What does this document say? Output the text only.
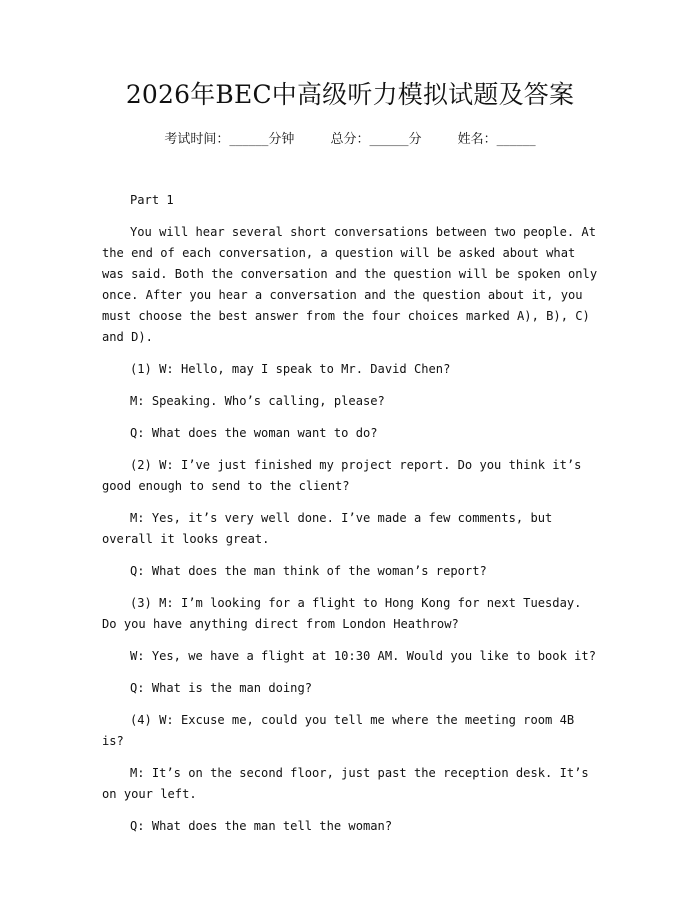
2026年BEC中高级听力模拟试题及答案
考试时间：______分钟	总分：______分	姓名：______

Part 1

You will hear several short conversations between two people. At the end of each conversation, a question will be asked about what was said. Both the conversation and the question will be spoken only once. After you hear a conversation and the question about it, you must choose the best answer from the four choices marked A), B), C) and D).

(1) W: Hello, may I speak to Mr. David Chen?

M: Speaking. Who’s calling, please?

Q: What does the woman want to do?

(2) W: I’ve just finished my project report. Do you think it’s good enough to send to the client?

M: Yes, it’s very well done. I’ve made a few comments, but overall it looks great.

Q: What does the man think of the woman’s report?

(3) M: I’m looking for a flight to Hong Kong for next Tuesday. Do you have anything direct from London Heathrow?

W: Yes, we have a flight at 10:30 AM. Would you like to book it?

Q: What is the man doing?

(4) W: Excuse me, could you tell me where the meeting room 4B is?

M: It’s on the second floor, just past the reception desk. It’s on your left.

Q: What does the man tell the woman?
